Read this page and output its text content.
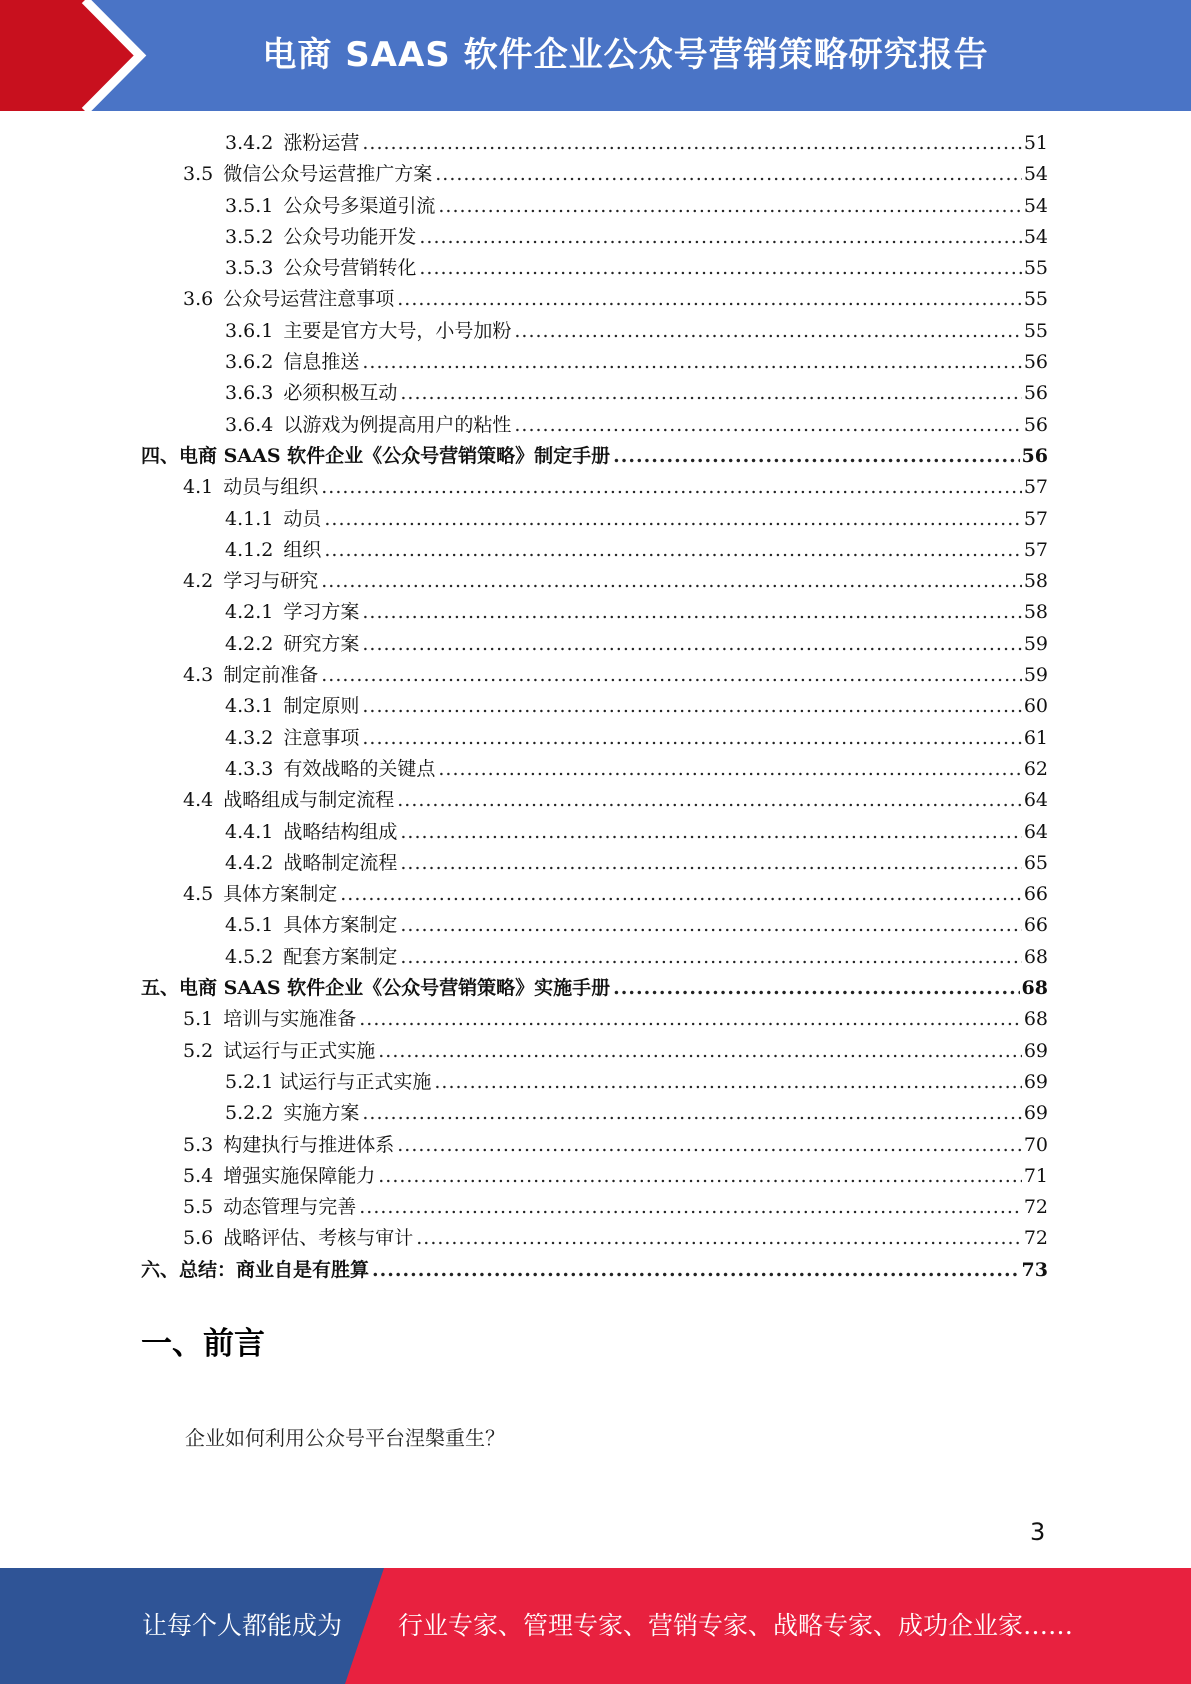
电商 SAAS 软件企业公众号营销策略研究报告
3.4.2 涨粉运营 .....	51
3.5 微信公众号运营推广方案 .....	54
3.5.1 公众号多渠道引流 .....	54
3.5.2 公众号功能开发 .....	54
3.5.3 公众号营销转化 .....	55
3.6 公众号运营注意事项 .....	55
3.6.1 主要是官方大号，小号加粉 .....	55
3.6.2 信息推送 .....	56
3.6.3 必须积极互动 .....	56
3.6.4 以游戏为例提高用户的粘性 .....	56
四、电商 SAAS 软件企业《公众号营销策略》制定手册 .....	56
4.1 动员与组织 .....	57
4.1.1 动员 .....	57
4.1.2 组织 .....	57
4.2 学习与研究 .....	58
4.2.1 学习方案 .....	58
4.2.2 研究方案 .....	59
4.3 制定前准备 .....	59
4.3.1 制定原则 .....	60
4.3.2 注意事项 .....	61
4.3.3 有效战略的关键点 .....	62
4.4 战略组成与制定流程 .....	64
4.4.1 战略结构组成 .....	64
4.4.2 战略制定流程 .....	65
4.5 具体方案制定 .....	66
4.5.1 具体方案制定 .....	66
4.5.2 配套方案制定 .....	68
五、电商 SAAS 软件企业《公众号营销策略》实施手册 .....	68
5.1 培训与实施准备 .....	68
5.2 试运行与正式实施 .....	69
5.2.1 试运行与正式实施 .....	69
5.2.2 实施方案 .....	69
5.3 构建执行与推进体系 .....	70
5.4 增强实施保障能力 .....	71
5.5 动态管理与完善 .....	72
5.6 战略评估、考核与审计 .....	72
六、总结：商业自是有胜算 .....	73
一、前言
企业如何利用公众号平台涅槃重生？
3
让每个人都能成为 行业专家、管理专家、营销专家、战略专家、成功企业家……
